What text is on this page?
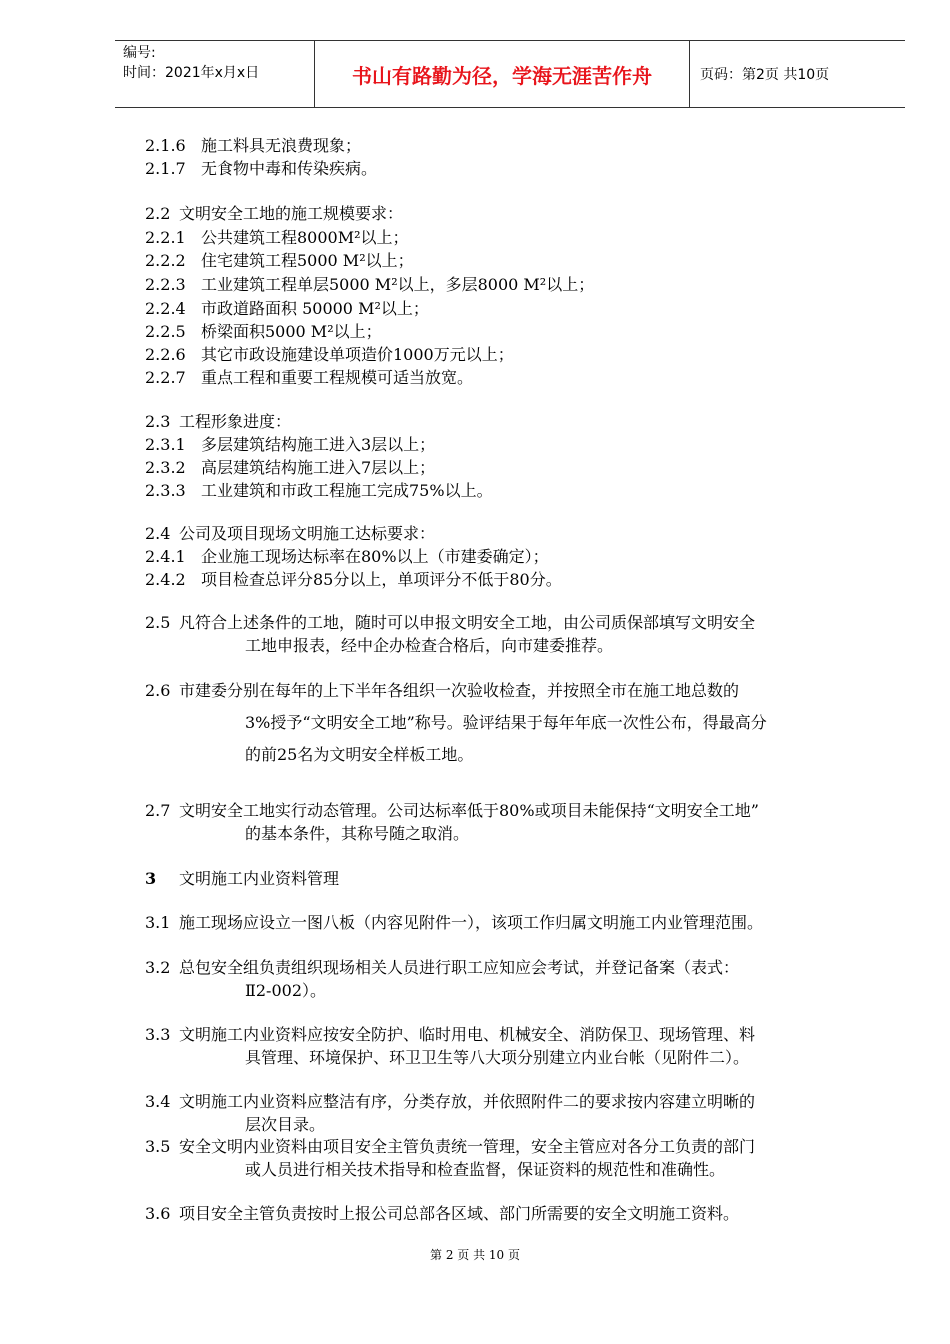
编号:
时间：2021年x月x日	书山有路勤为径，学海无涯苦作舟	页码：第2页 共10页
2.1.6 施工料具无浪费现象；
2.1.7 无食物中毒和传染疾病。
2.2 文明安全工地的施工规模要求：
2.2.1 公共建筑工程8000M²以上；
2.2.2 住宅建筑工程5000 M²以上；
2.2.3 工业建筑工程单层5000 M²以上，多层8000 M²以上；
2.2.4 市政道路面积 50000 M²以上；
2.2.5 桥梁面积5000 M²以上；
2.2.6 其它市政设施建设单项造价1000万元以上；
2.2.7 重点工程和重要工程规模可适当放宽。
2.3 工程形象进度：
2.3.1 多层建筑结构施工进入3层以上；
2.3.2 高层建筑结构施工进入7层以上；
2.3.3 工业建筑和市政工程施工完成75%以上。
2.4 公司及项目现场文明施工达标要求：
2.4.1 企业施工现场达标率在80%以上（市建委确定）；
2.4.2 项目检查总评分85分以上，单项评分不低于80分。
2.5 凡符合上述条件的工地，随时可以申报文明安全工地，由公司质保部填写文明安全
工地申报表，经中企办检查合格后，向市建委推荐。
2.6 市建委分别在每年的上下半年各组织一次验收检查，并按照全市在施工地总数的
3%授予“文明安全工地”称号。验评结果于每年年底一次性公布，得最高分
的前25名为文明安全样板工地。
2.7 文明安全工地实行动态管理。公司达标率低于80%或项目未能保持“文明安全工地”
的基本条件，其称号随之取消。
3 文明施工内业资料管理
3.1 施工现场应设立一图八板（内容见附件一），该项工作归属文明施工内业管理范围。
3.2 总包安全组负责组织现场相关人员进行职工应知应会考试，并登记备案（表式：
Ⅱ2-002）。
3.3 文明施工内业资料应按安全防护、临时用电、机械安全、消防保卫、现场管理、料
具管理、环境保护、环卫卫生等八大项分别建立内业台帐（见附件二）。
3.4 文明施工内业资料应整洁有序，分类存放，并依照附件二的要求按内容建立明晰的
层次目录。
3.5 安全文明内业资料由项目安全主管负责统一管理，安全主管应对各分工负责的部门
或人员进行相关技术指导和检查监督，保证资料的规范性和准确性。
3.6 项目安全主管负责按时上报公司总部各区域、部门所需要的安全文明施工资料。
第 2 页 共 10 页
